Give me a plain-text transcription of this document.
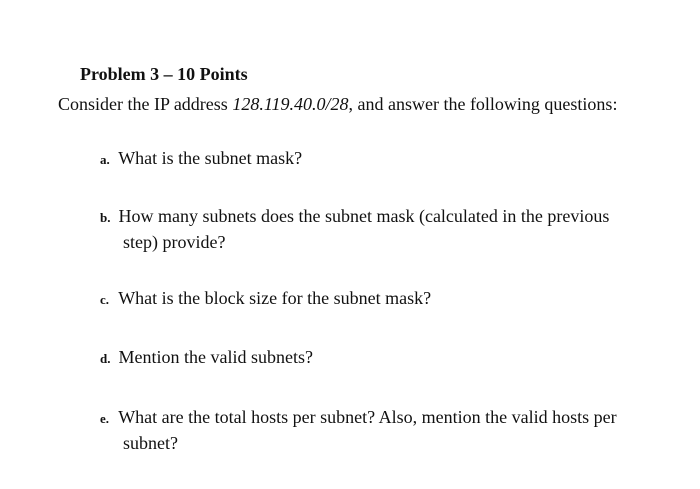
Problem 3 – 10 Points
Consider the IP address 128.119.40.0/28, and answer the following questions:
a. What is the subnet mask?
b. How many subnets does the subnet mask (calculated in the previous step) provide?
c. What is the block size for the subnet mask?
d. Mention the valid subnets?
e. What are the total hosts per subnet? Also, mention the valid hosts per subnet?
